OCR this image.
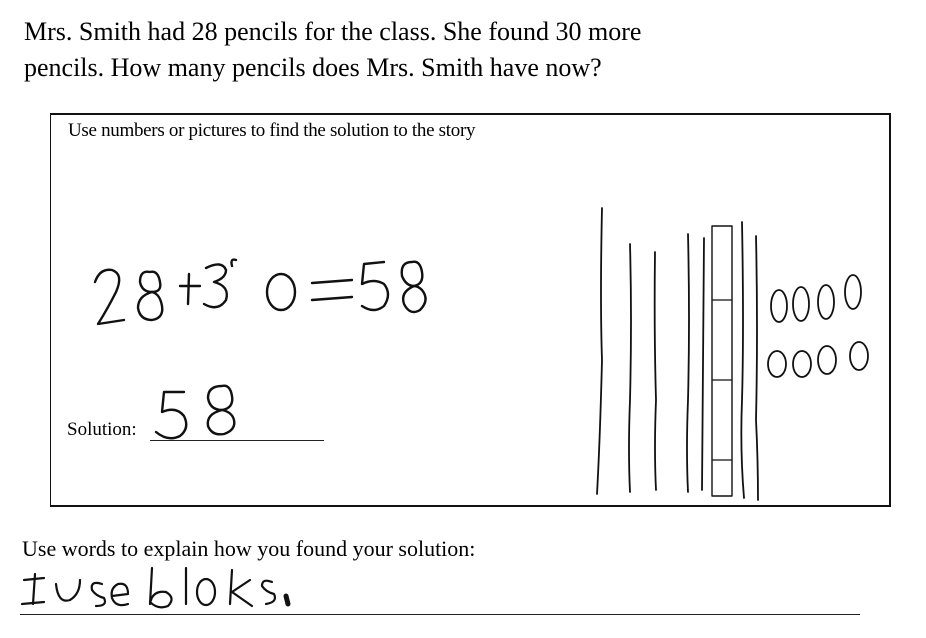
Mrs. Smith had 28 pencils for the class. She found 30 more
pencils. How many pencils does Mrs. Smith have now?
Use numbers or pictures to find the solution to the story
Solution:
Use words to explain how you found your solution:
